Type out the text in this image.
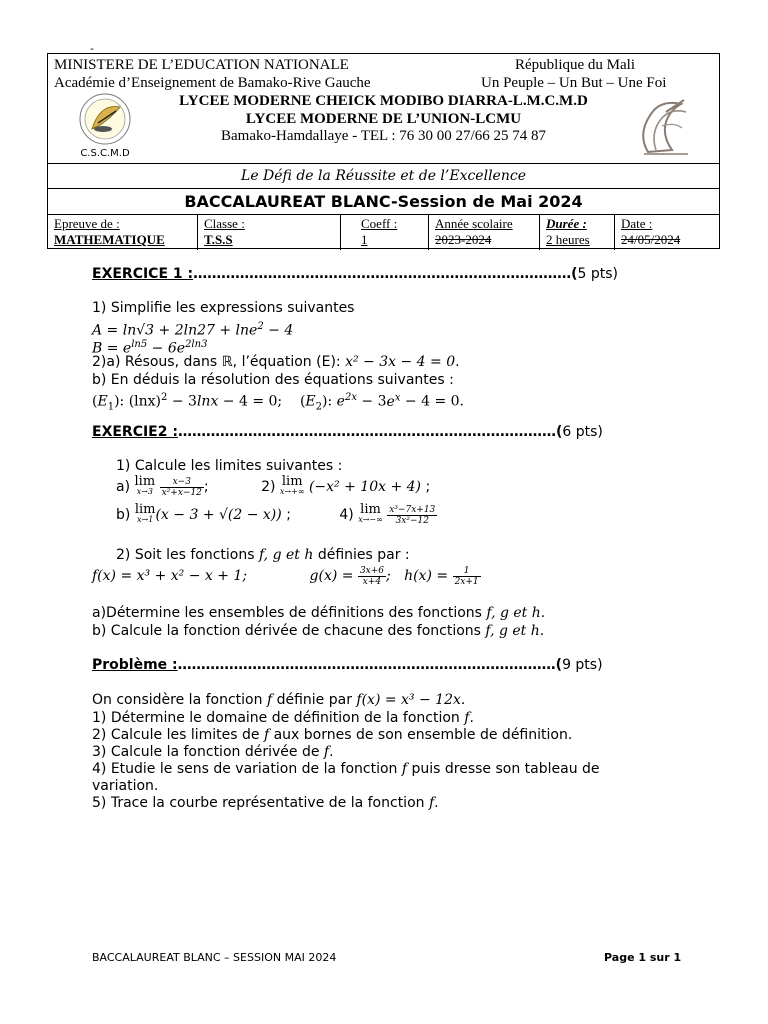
-
MINISTERE DE L’EDUCATION NATIONALE	République du Mali
Académie d’Enseignement de Bamako-Rive Gauche	Un Peuple – Un But – Une Foi
LYCEE MODERNE CHEICK MODIBO DIARRA-L.M.C.M.D
LYCEE MODERNE DE L’UNION-LCMU
Bamako-Hamdallaye - TEL : 76 30 00 27/66 25 74 87
C.S.C.M.D
Le Défi de la Réussite et de l’Excellence
BACCALAUREAT BLANC-Session de Mai 2024
Epreuve de :
MATHEMATIQUE
Classe :
T.S.S
Coeff :
1
Année scolaire
2023-2024
Durée :
2 heures
Date :
24/05/2024
EXERCICE 1 :………………………………………………………………………(5 pts)
1) Simplifie les expressions suivantes
A = ln√3 + 2ln27 + lne$^2$ − 4
$B = e^{ln5} - 6e^{2ln3}$
2)a) Résous, dans ℝ, l’équation (E): x² − 3x − 4 = 0.
b) En déduis la résolution des équations suivantes :
$(E_1)$: $(\ln x)^2 - 3\ln x - 4 = 0$;    $(E_2)$: $e^{2x} - 3e^x - 4 = 0$.
EXERCIE2 :………………………………………………………………………(6 pts)
1) Calcule les limites suivantes :
a) lim
x→3
$\frac{x-3}{\text{x²+x−12}}$ ;	2) lim
x→+∞ (−x² + 10x + 4) ;
b) lim
x→1 (x − 3 + √(2 − x)) ;	4) lim
x→−∞
$\frac{\text{x³−7x+13}}{\text{3x²−12}}$
2) Soit les fonctions f, g et h définies par :
f(x) = x³ + x² − x + 1;	$g(x) = \frac{3x+6}{x+4}$ ;   $h(x) = \frac{1}{2x+1}$
a)Détermine les ensembles de définitions des fonctions f, g et h.
b) Calcule la fonction dérivée de chacune des fonctions f, g et h.
Problème :………………………………………………………………………(9 pts)
On considère la fonction f définie par f(x) = x³ − 12x.
1) Détermine le domaine de définition de la fonction f.
2) Calcule les limites de f aux bornes de son ensemble de définition.
3) Calcule la fonction dérivée de f.
4) Etudie le sens de variation de la fonction f puis dresse son tableau de
variation.
5) Trace la courbe représentative de la fonction f.
BACCALAUREAT BLANC – SESSION MAI 2024	Page 1 sur 1
